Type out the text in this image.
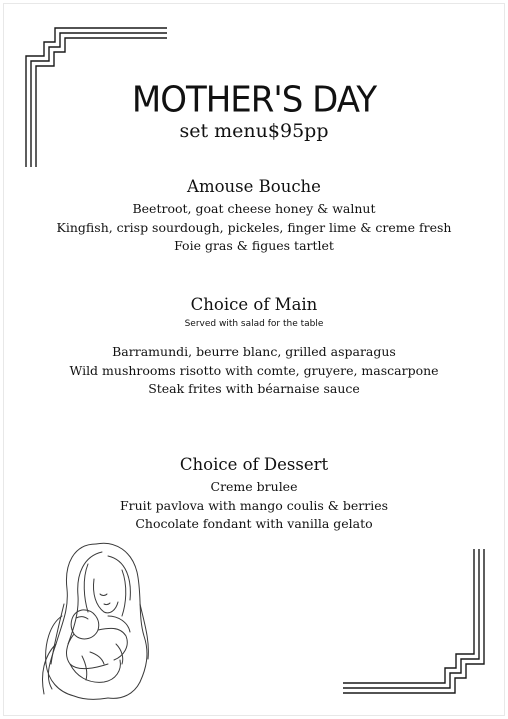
MOTHER'S DAY
set menu$95pp
Amouse Bouche
Beetroot, goat cheese honey & walnut
Kingfish, crisp sourdough, pickeles, finger lime & creme fresh
Foie gras & figues tartlet
Choice of Main
Served with salad for the table
Barramundi, beurre blanc, grilled asparagus
Wild mushrooms risotto with comte, gruyere, mascarpone
Steak frites with béarnaise sauce
Choice of Dessert
Creme brulee
Fruit pavlova with mango coulis & berries
Chocolate fondant with vanilla gelato
